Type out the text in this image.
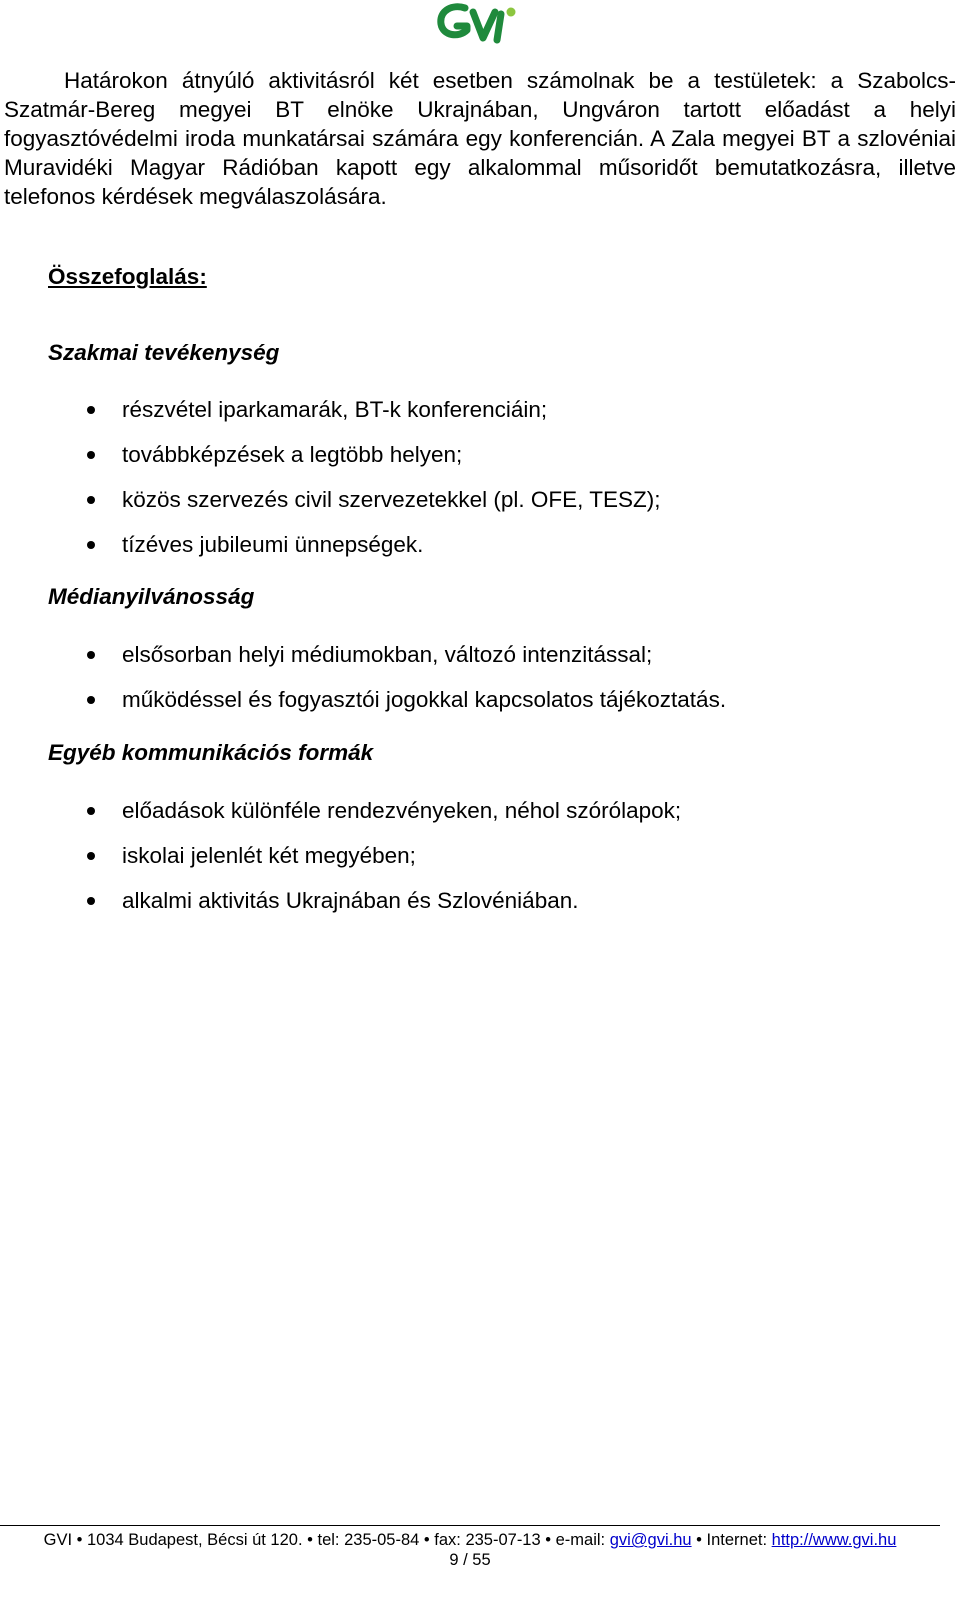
Határokon átnyúló aktivitásról két esetben számolnak be a testületek: a Szabolcs-Szatmár-Bereg megyei BT elnöke Ukrajnában, Ungváron tartott előadást a helyi fogyasztóvédelmi iroda munkatársai számára egy konferencián. A Zala megyei BT a szlovéniai Muravidéki Magyar Rádióban kapott egy alkalommal műsoridőt bemutatkozásra, illetve telefonos kérdések megválaszolására.

Összefoglalás:
Szakmai tevékenység
részvétel iparkamarák, BT-k konferenciáin;
továbbképzések a legtöbb helyen;
közös szervezés civil szervezetekkel (pl. OFE, TESZ);
tízéves jubileumi ünnepségek.
Médianyilvánosság
elsősorban helyi médiumokban, változó intenzitással;
működéssel és fogyasztói jogokkal kapcsolatos tájékoztatás.
Egyéb kommunikációs formák
előadások különféle rendezvényeken, néhol szórólapok;
iskolai jelenlét két megyében;
alkalmi aktivitás Ukrajnában és Szlovéniában.
GVI • 1034 Budapest, Bécsi út 120. • tel: 235-05-84 • fax: 235-07-13 • e-mail: gvi@gvi.hu • Internet: http://www.gvi.hu
9 / 55
